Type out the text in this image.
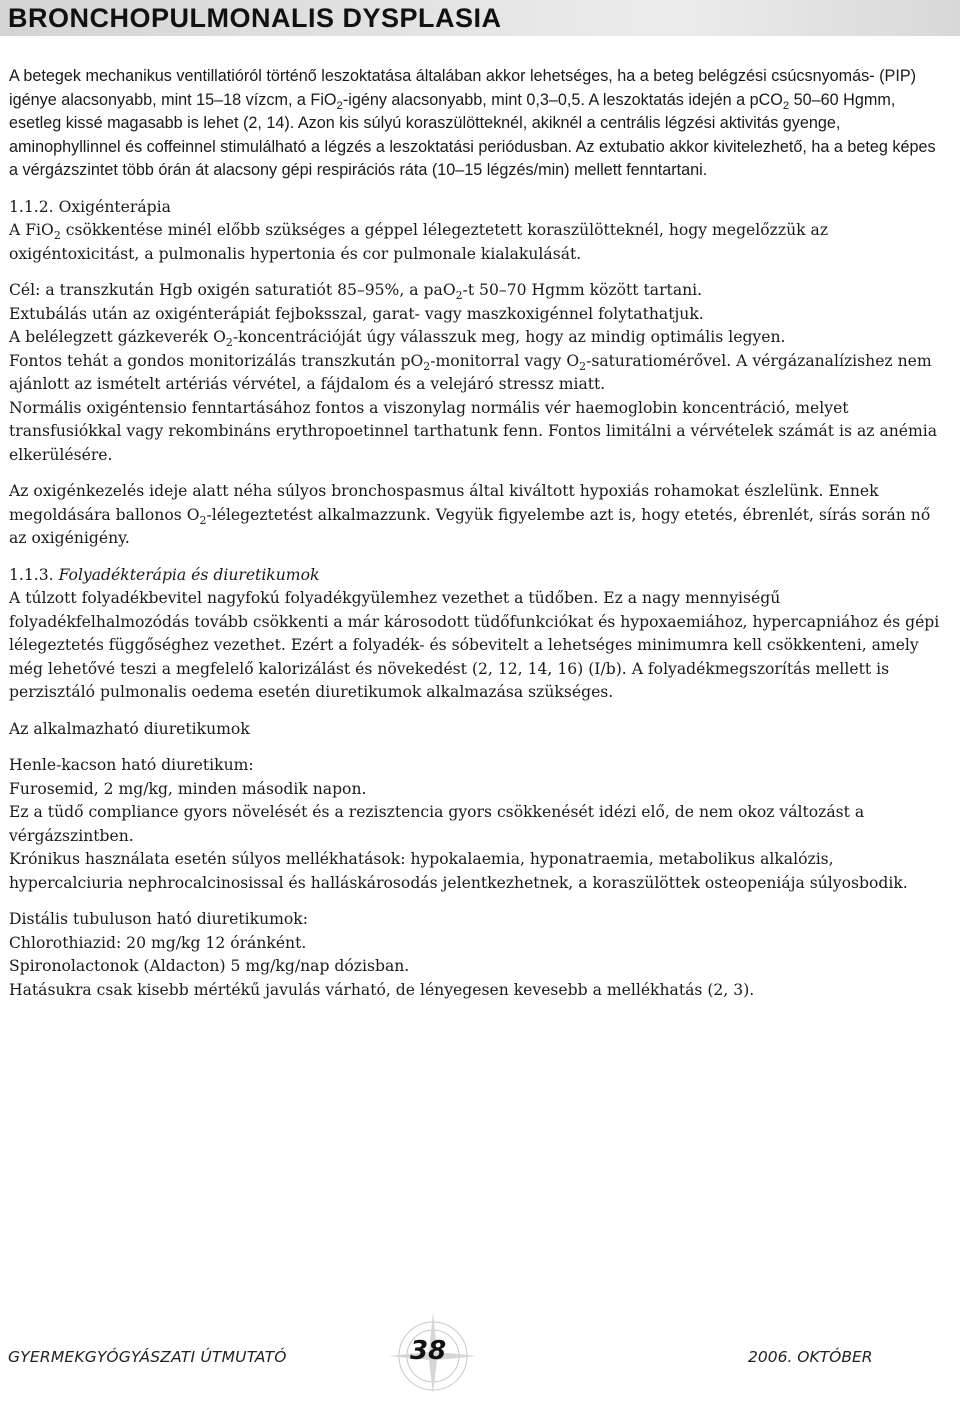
BRONCHOPULMONALIS DYSPLASIA

A betegek mechanikus ventillatióról történő leszoktatása általában akkor lehetséges, ha a beteg belégzési csúcsnyomás- (PIP) igénye alacsonyabb, mint 15–18 vízcm, a FiO$_2$-igény alacsonyabb, mint 0,3–0,5. A leszoktatás idején a pCO$_2$ 50–60 Hgmm, esetleg kissé magasabb is lehet (2, 14). Azon kis súlyú koraszülötteknél, akiknél a centrális légzési aktivitás gyenge, aminophyllinnel és coffeinnel stimulálható a légzés a leszoktatási periódusban. Az extubatio akkor kivitelezhető, ha a beteg képes a vérgázszintet több órán át alacsony gépi respirációs ráta (10–15 légzés/min) mellett fenntartani.

1.1.2. Oxigénterápia

A FiO$_2$ csökkentése minél előbb szükséges a géppel lélegeztetett koraszülötteknél, hogy megelőzzük az oxigéntoxicitást, a pulmonalis hypertonia és cor pulmonale kialakulását.

Cél: a transzkután Hgb oxigén saturatiót 85–95%, a paO$_2$-t 50–70 Hgmm között tartani.

Extubálás után az oxigénterápiát fejboksszal, garat- vagy maszkoxigénnel folytathatjuk.

A belélegzett gázkeverék $O_2$-koncentrációját úgy válasszuk meg, hogy az mindig optimális legyen.

Fontos tehát a gondos monitorizálás transzkután $pO_2$-monitorral vagy $O_2$-saturatiomérővel. A vérgázanalízishez nem ajánlott az ismételt artériás vérvétel, a fájdalom és a velejáró stressz miatt.

Normális oxigéntensio fenntartásához fontos a viszonylag normális vér haemoglobin koncentráció, melyet transfusiókkal vagy rekombináns erythropoetinnel tarthatunk fenn. Fontos limitálni a vérvételek számát is az anémia elkerülésére.

Az oxigénkezelés ideje alatt néha súlyos bronchospasmus által kiváltott hypoxiás rohamokat észlelünk. Ennek megoldására ballonos $O_2$-lélegeztetést alkalmazzunk. Vegyük figyelembe azt is, hogy etetés, ébrenlét, sírás során nő az oxigénigény.

1.1.3. Folyadékterápia és diuretikumok

A túlzott folyadékbevitel nagyfokú folyadékgyülemhez vezethet a tüdőben. Ez a nagy mennyiségű folyadékfelhalmozódás tovább csökkenti a már károsodott tüdőfunkciókat és hypoxaemiához, hypercapniához és gépi lélegeztetés függőséghez vezethet. Ezért a folyadék- és sóbevitelt a lehetséges minimumra kell csökkenteni, amely még lehetővé teszi a megfelelő kalorizálást és növekedést (2, 12, 14, 16) (I/b). A folyadékmegszorítás mellett is perzisztáló pulmonalis oedema esetén diuretikumok alkalmazása szükséges.

Az alkalmazható diuretikumok

Henle-kacson ható diuretikum:

Furosemid, 2 mg/kg, minden második napon.

Ez a tüdő compliance gyors növelését és a rezisztencia gyors csökkenését idézi elő, de nem okoz változást a vérgázszintben.

Krónikus használata esetén súlyos mellékhatások: hypokalaemia, hyponatraemia, metabolikus alkalózis, hypercalciuria nephrocalcinosissal és halláskárosodás jelentkezhetnek, a koraszülöttek osteopeniája súlyosbodik.

Distális tubuluson ható diuretikumok:

Chlorothiazid: 20 mg/kg 12 óránként.

Spironolactonok (Aldacton) 5 mg/kg/nap dózisban.

Hatásukra csak kisebb mértékű javulás várható, de lényegesen kevesebb a mellékhatás (2, 3).

GYERMEKGYÓGYÁSZATI ÚTMUTATÓ	38	2006. OKTÓBER
